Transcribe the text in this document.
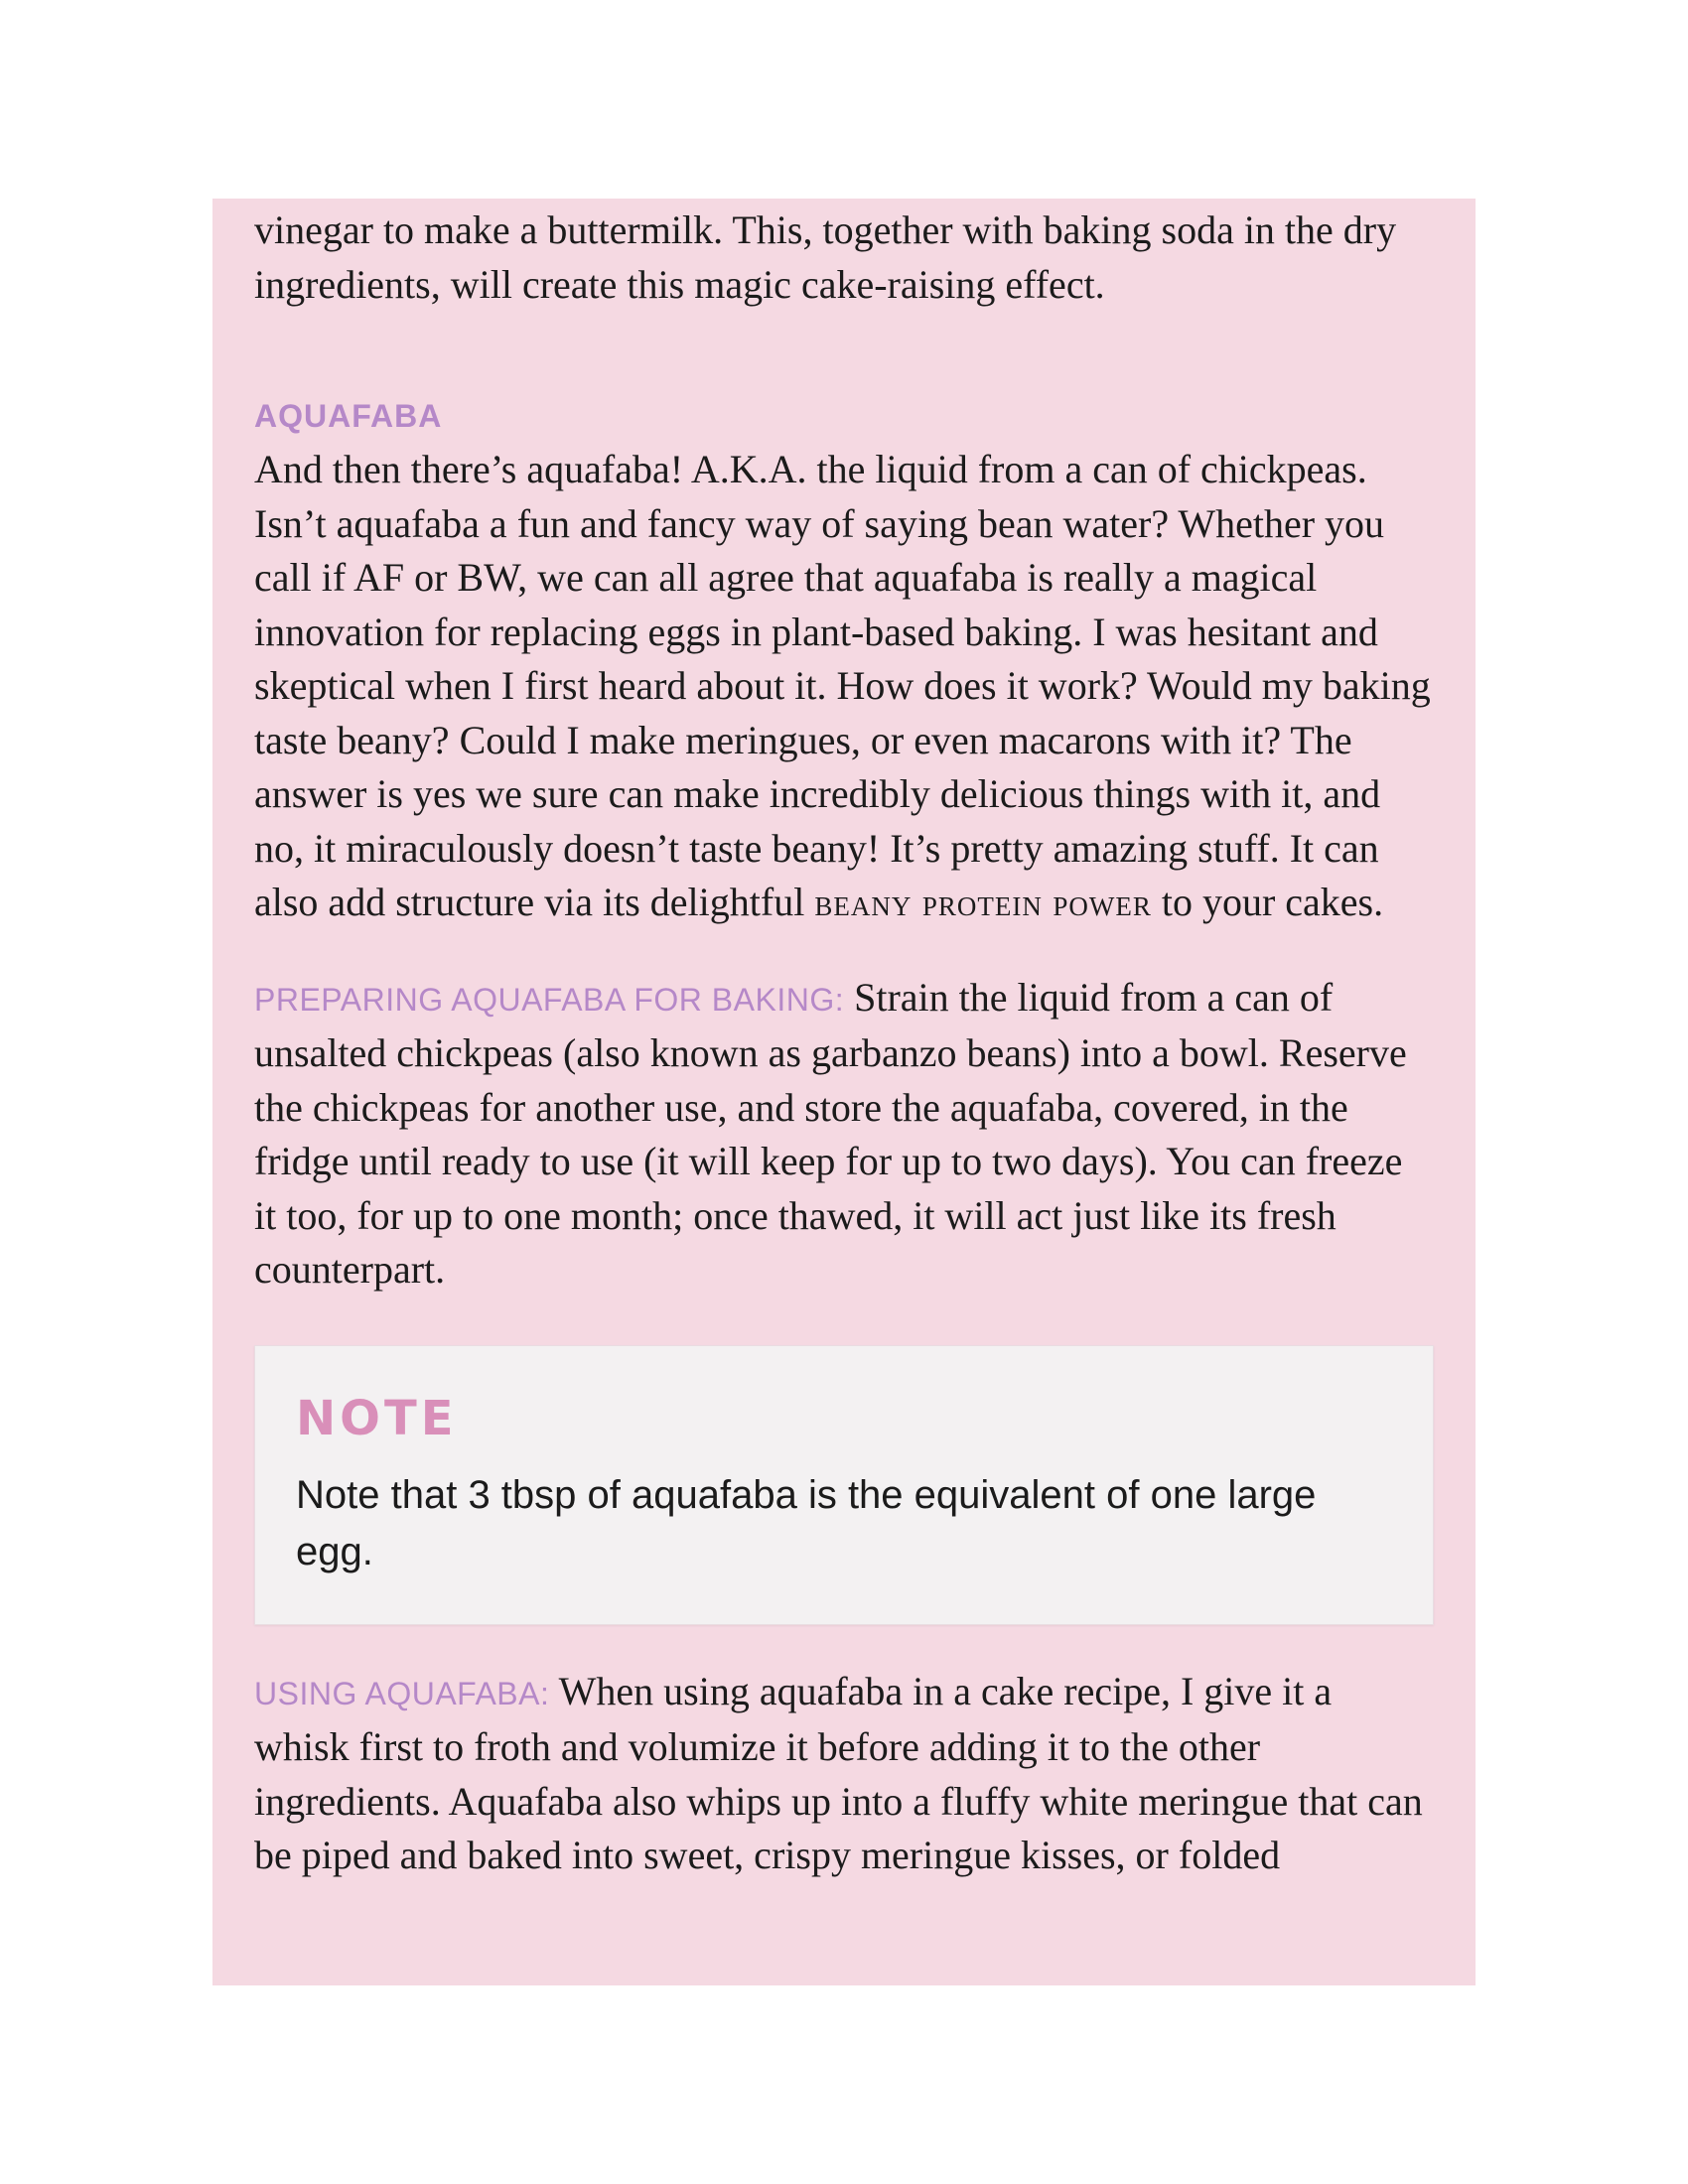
vinegar to make a buttermilk. This, together with baking soda in the dry ingredients, will create this magic cake-raising effect.

AQUAFABA

And then there’s aquafaba! A.K.A. the liquid from a can of chickpeas. Isn’t aquafaba a fun and fancy way of saying bean water? Whether you call if AF or BW, we can all agree that aquafaba is really a magical innovation for replacing eggs in plant-based baking. I was hesitant and skeptical when I first heard about it. How does it work? Would my baking taste beany? Could I make meringues, or even macarons with it? The answer is yes we sure can make incredibly delicious things with it, and no, it miraculously doesn’t taste beany! It’s pretty amazing stuff. It can also add structure via its delightful beany protein power to your cakes.

PREPARING AQUAFABA FOR BAKING: Strain the liquid from a can of unsalted chickpeas (also known as garbanzo beans) into a bowl. Reserve the chickpeas for another use, and store the aquafaba, covered, in the fridge until ready to use (it will keep for up to two days). You can freeze it too, for up to one month; once thawed, it will act just like its fresh counterpart.

NOTE

Note that 3 tbsp of aquafaba is the equivalent of one large egg.

USING AQUAFABA: When using aquafaba in a cake recipe, I give it a whisk first to froth and volumize it before adding it to the other ingredients. Aquafaba also whips up into a fluffy white meringue that can be piped and baked into sweet, crispy meringue kisses, or folded
